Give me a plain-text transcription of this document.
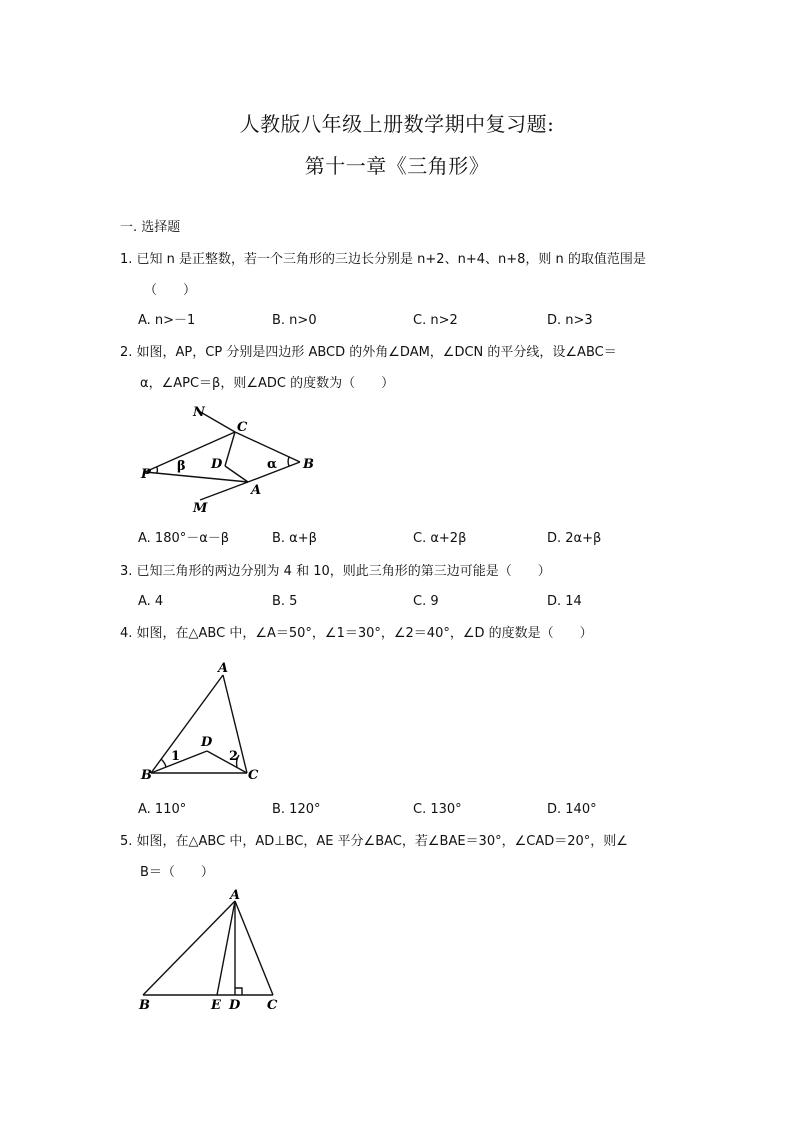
人教版八年级上册数学期中复习题:
第十一章《三角形》
一. 选择题
1. 已知 n 是正整数，若一个三角形的三边长分别是 n+2、n+4、n+8，则 n 的取值范围是
（　　）
A. n>－1	B. n>0	C. n>2	D. n>3
2. 如图，AP，CP 分别是四边形 ABCD 的外角∠DAM，∠DCN 的平分线，设∠ABC＝
α，∠APC＝β，则∠ADC 的度数为（　　）
N
C
D
P
β	α B
A
M
A. 180°－α－β	B. α+β	C. α+2β	D. 2α+β
3. 已知三角形的两边分别为 4 和 10，则此三角形的第三边可能是（　　）
A. 4	B. 5	C. 9	D. 14
4. 如图，在△ABC 中，∠A＝50°，∠1＝30°，∠2＝40°，∠D 的度数是（　　）
A
D
1	2
B	C
A. 110°	B. 120°	C. 130°	D. 140°
5. 如图，在△ABC 中，AD⊥BC，AE 平分∠BAC，若∠BAE＝30°，∠CAD＝20°，则∠
B＝（　　）
A
B	E D C
